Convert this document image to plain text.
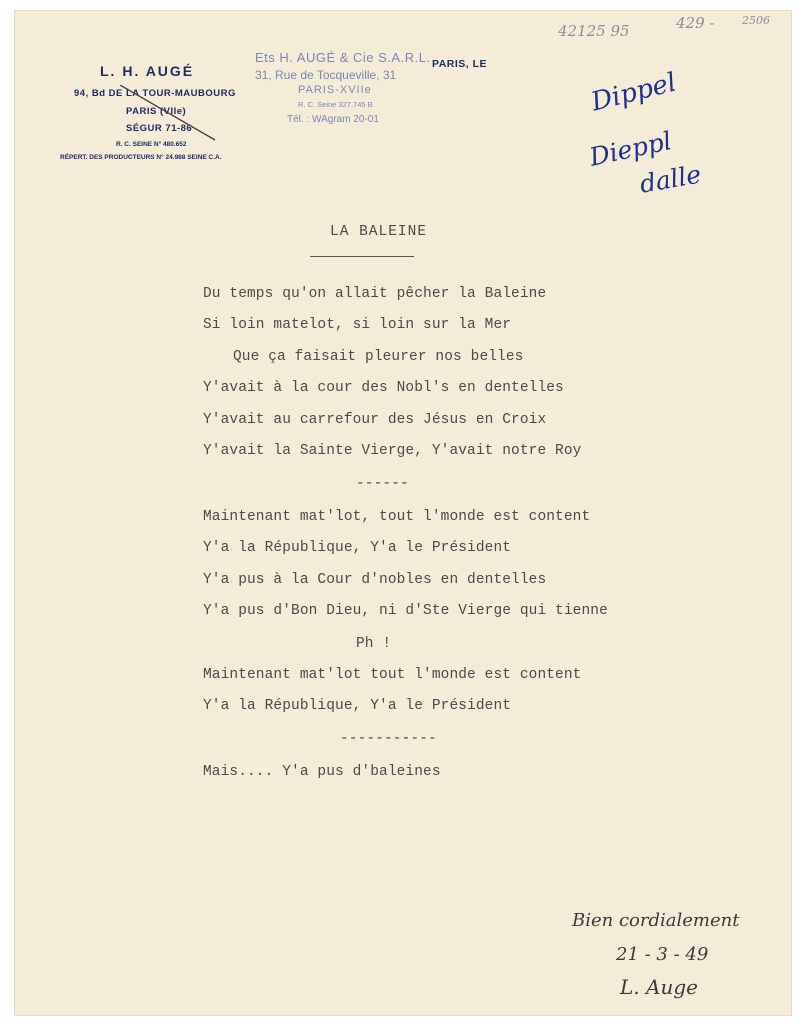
L. H. AUGÉ
94, Bd DE LA TOUR-MAUBOURG
PARIS (VIIe)
SÉGUR 71-86
R. C. SEINE N° 480.652
RÉPERT. DES PRODUCTEURS N° 24.988 SEINE C.A.
Ets H. AUGÉ & Cie S.A.R.L.
31, Rue de Tocqueville, 31
PARIS-XVIIe
R. C. Seine 327.745 B
Tél. : WAgram 20-01
PARIS, LE
42125 95	429 -	2506
Dippel
Dieppl
dalle
LA BALEINE
Du temps qu'on allait pêcher la Baleine
Si loin matelot, si loin sur la Mer
Que ça faisait pleurer nos belles
Y'avait à la cour des Nobl's en dentelles
Y'avait au carrefour des Jésus en Croix
Y'avait la Sainte Vierge, Y'avait notre Roy
------
Maintenant mat'lot, tout l'monde est content
Y'a la République, Y'a le Président
Y'a pus à la Cour d'nobles en dentelles
Y'a pus d'Bon Dieu, ni d'Ste Vierge qui tienne
Ph !
Maintenant mat'lot tout l'monde est content
Y'a la République, Y'a le Président
-----------
Mais.... Y'a pus d'baleines
Bien cordialement
21 - 3 - 49
L. Auge
